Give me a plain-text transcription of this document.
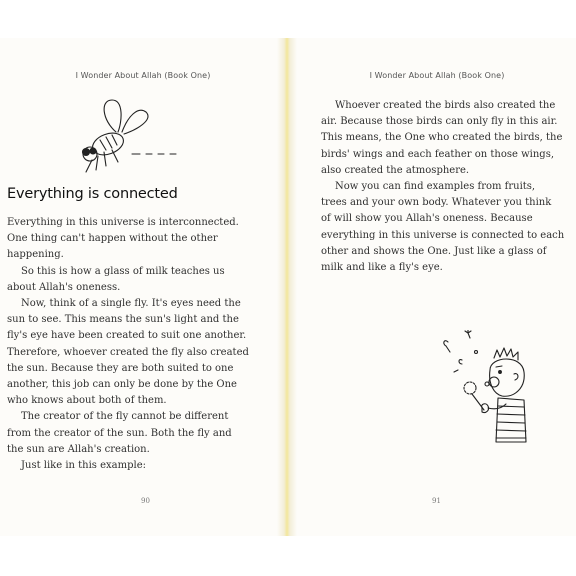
I Wonder About Allah (Book One)	I Wonder About Allah (Book One)
Everything is connected

Everything in this universe is interconnected.

One thing can't happen without the other

happening.

So this is how a glass of milk teaches us

about Allah's oneness.

Now, think of a single fly. It's eyes need the

sun to see. This means the sun's light and the

fly's eye have been created to suit one another.

Therefore, whoever created the fly also created

the sun. Because they are both suited to one

another, this job can only be done by the One

who knows about both of them.

The creator of the fly cannot be different

from the creator of the sun. Both the fly and

the sun are Allah's creation.

Just like in this example:

Whoever created the birds also created the

air. Because those birds can only fly in this air.

This means, the One who created the birds, the

birds' wings and each feather on those wings,

also created the atmosphere.

Now you can find examples from fruits,

trees and your own body. Whatever you think

of will show you Allah's oneness. Because

everything in this universe is connected to each

other and shows the One. Just like a glass of

milk and like a fly's eye.

90	91
